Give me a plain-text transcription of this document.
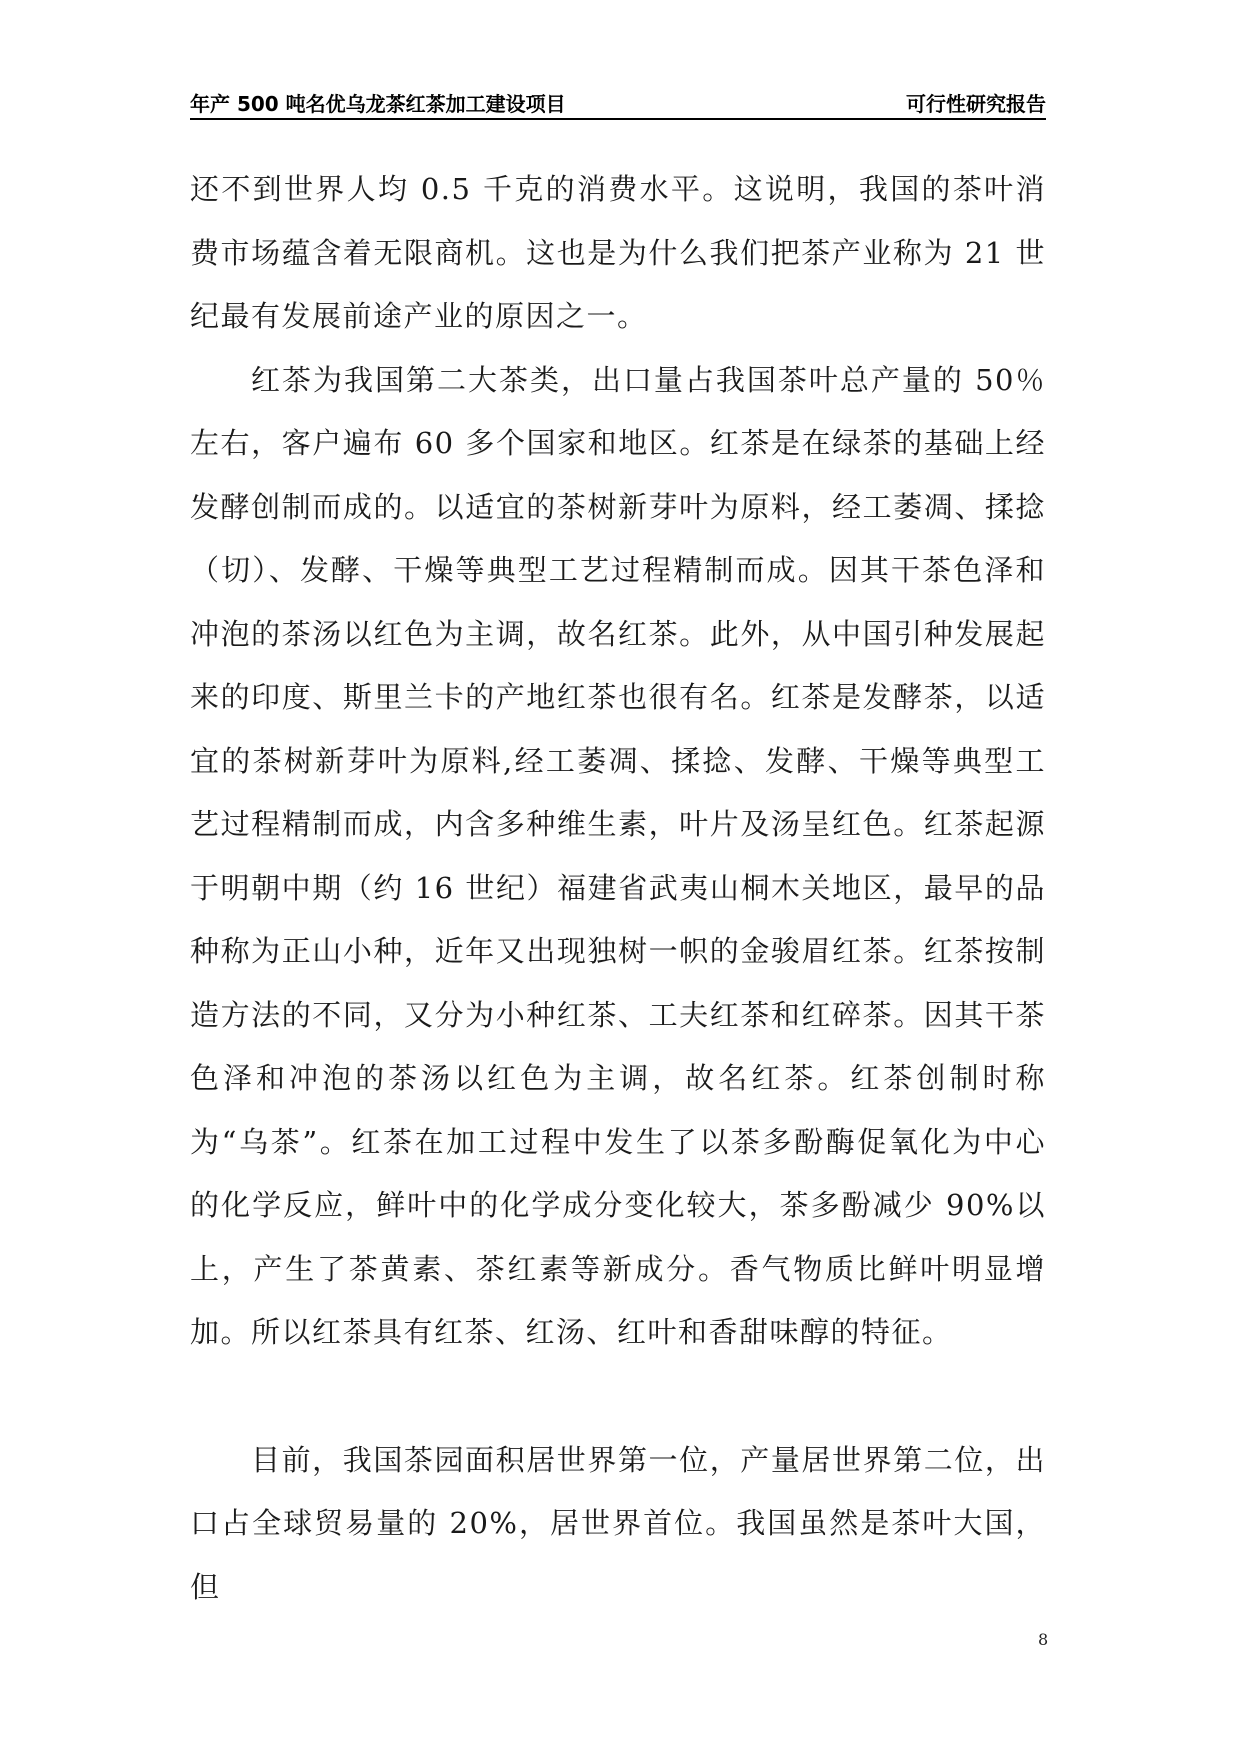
年产 500 吨名优乌龙茶红茶加工建设项目	可行性研究报告

还不到世界人均 0.5 千克的消费水平。这说明，我国的茶叶消费市场蕴含着无限商机。这也是为什么我们把茶产业称为 21 世纪最有发展前途产业的原因之一。

红茶为我国第二大茶类，出口量占我国茶叶总产量的 50％左右，客户遍布 60 多个国家和地区。红茶是在绿茶的基础上经发酵创制而成的。以适宜的茶树新芽叶为原料，经工萎凋、揉捻（切）、发酵、干燥等典型工艺过程精制而成。因其干茶色泽和冲泡的茶汤以红色为主调，故名红茶。此外，从中国引种发展起来的印度、斯里兰卡的产地红茶也很有名。红茶是发酵茶，以适宜的茶树新芽叶为原料,经工萎凋、揉捻、发酵、干燥等典型工艺过程精制而成，内含多种维生素，叶片及汤呈红色。红茶起源于明朝中期（约 16 世纪）福建省武夷山桐木关地区，最早的品种称为正山小种，近年又出现独树一帜的金骏眉红茶。红茶按制造方法的不同，又分为小种红茶、工夫红茶和红碎茶。因其干茶色泽和冲泡的茶汤以红色为主调，故名红茶。红茶创制时称为“乌茶”。红茶在加工过程中发生了以茶多酚酶促氧化为中心的化学反应，鲜叶中的化学成分变化较大，茶多酚减少 90%以上，产生了茶黄素、茶红素等新成分。香气物质比鲜叶明显增加。所以红茶具有红茶、红汤、红叶和香甜味醇的特征。

目前，我国茶园面积居世界第一位，产量居世界第二位，出口占全球贸易量的 20%，居世界首位。我国虽然是茶叶大国，但

8
